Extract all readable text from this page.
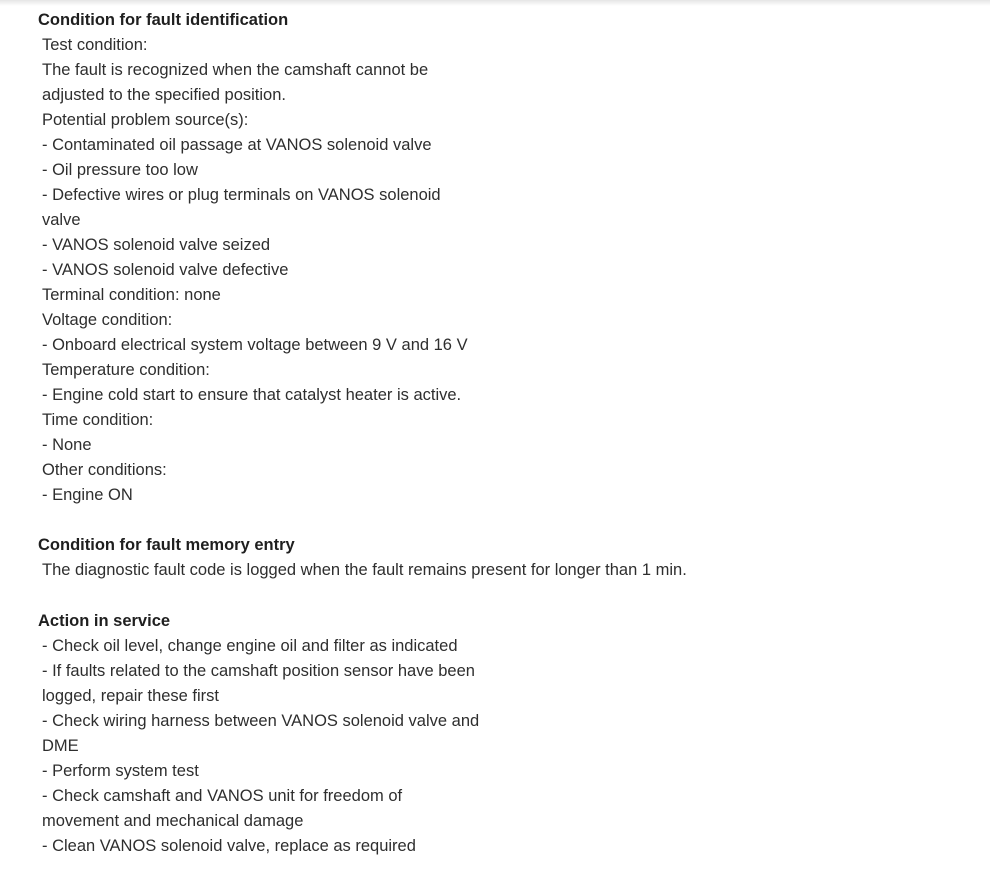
Condition for fault identification
Test condition:
The fault is recognized when the camshaft cannot be
adjusted to the specified position.
Potential problem source(s):
- Contaminated oil passage at VANOS solenoid valve
- Oil pressure too low
- Defective wires or plug terminals on VANOS solenoid
valve
- VANOS solenoid valve seized
- VANOS solenoid valve defective
Terminal condition: none
Voltage condition:
- Onboard electrical system voltage between 9 V and 16 V
Temperature condition:
- Engine cold start to ensure that catalyst heater is active.
Time condition:
- None
Other conditions:
- Engine ON
Condition for fault memory entry
The diagnostic fault code is logged when the fault remains present for longer than 1 min.
Action in service
- Check oil level, change engine oil and filter as indicated
- If faults related to the camshaft position sensor have been
logged, repair these first
- Check wiring harness between VANOS solenoid valve and
DME
- Perform system test
- Check camshaft and VANOS unit for freedom of
movement and mechanical damage
- Clean VANOS solenoid valve, replace as required
